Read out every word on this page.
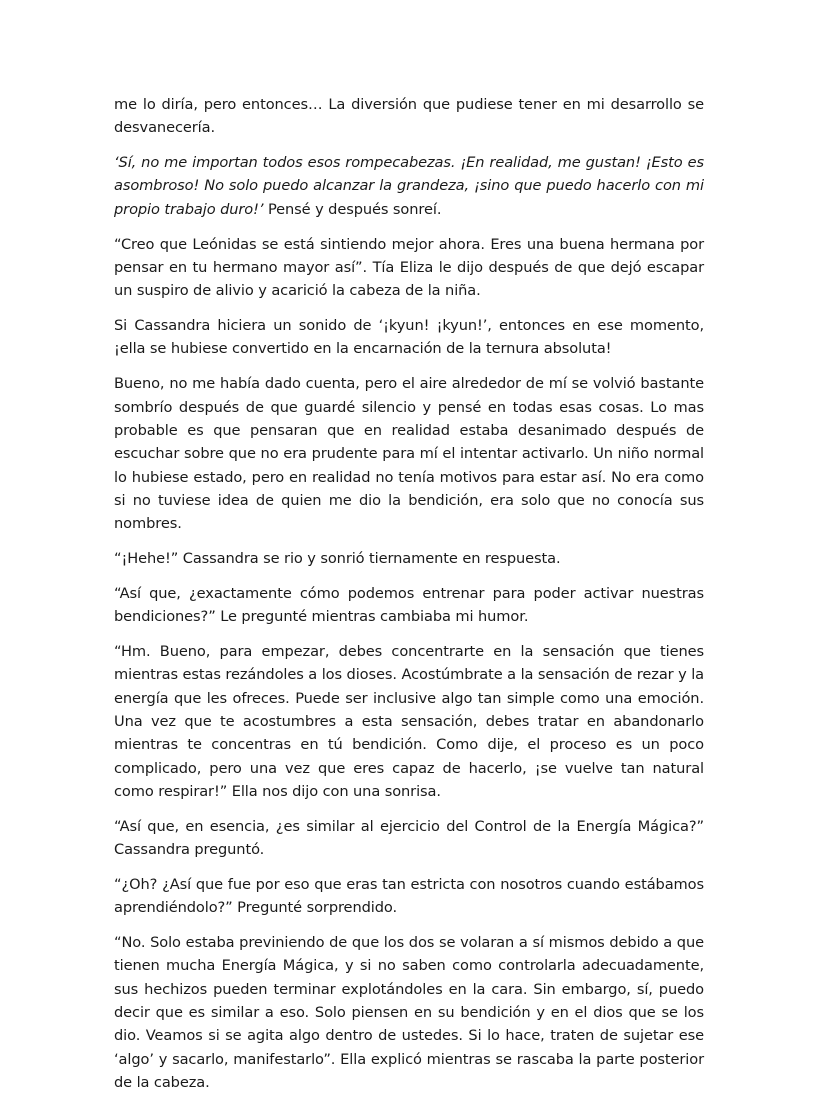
me lo diría, pero entonces… La diversión que pudiese tener en mi desarrollo se desvanecería.

‘Sí, no me importan todos esos rompecabezas. ¡En realidad, me gustan! ¡Esto es asombroso! No solo puedo alcanzar la grandeza, ¡sino que puedo hacerlo con mi propio trabajo duro!’ Pensé y después sonreí.

“Creo que Leónidas se está sintiendo mejor ahora. Eres una buena hermana por pensar en tu hermano mayor así”. Tía Eliza le dijo después de que dejó escapar un suspiro de alivio y acarició la cabeza de la niña.

Si Cassandra hiciera un sonido de ‘¡kyun! ¡kyun!’, entonces en ese momento, ¡ella se hubiese convertido en la encarnación de la ternura absoluta!

Bueno, no me había dado cuenta, pero el aire alrededor de mí se volvió bastante sombrío después de que guardé silencio y pensé en todas esas cosas. Lo mas probable es que pensaran que en realidad estaba desanimado después de escuchar sobre que no era prudente para mí el intentar activarlo. Un niño normal lo hubiese estado, pero en realidad no tenía motivos para estar así. No era como si no tuviese idea de quien me dio la bendición, era solo que no conocía sus nombres.

“¡Hehe!” Cassandra se rio y sonrió tiernamente en respuesta.

“Así que, ¿exactamente cómo podemos entrenar para poder activar nuestras bendiciones?” Le pregunté mientras cambiaba mi humor.

“Hm. Bueno, para empezar, debes concentrarte en la sensación que tienes mientras estas rezándoles a los dioses. Acostúmbrate a la sensación de rezar y la energía que les ofreces. Puede ser inclusive algo tan simple como una emoción. Una vez que te acostumbres a esta sensación, debes tratar en abandonarlo mientras te concentras en tú bendición. Como dije, el proceso es un poco complicado, pero una vez que eres capaz de hacerlo, ¡se vuelve tan natural como respirar!” Ella nos dijo con una sonrisa.

“Así que, en esencia, ¿es similar al ejercicio del Control de la Energía Mágica?” Cassandra preguntó.

“¿Oh? ¿Así que fue por eso que eras tan estricta con nosotros cuando estábamos aprendiéndolo?” Pregunté sorprendido.

“No. Solo estaba previniendo de que los dos se volaran a sí mismos debido a que tienen mucha Energía Mágica, y si no saben como controlarla adecuadamente, sus hechizos pueden terminar explotándoles en la cara. Sin embargo, sí, puedo decir que es similar a eso. Solo piensen en su bendición y en el dios que se los dio. Veamos si se agita algo dentro de ustedes. Si lo hace, traten de sujetar ese ‘algo’ y sacarlo, manifestarlo”. Ella explicó mientras se rascaba la parte posterior de la cabeza.
